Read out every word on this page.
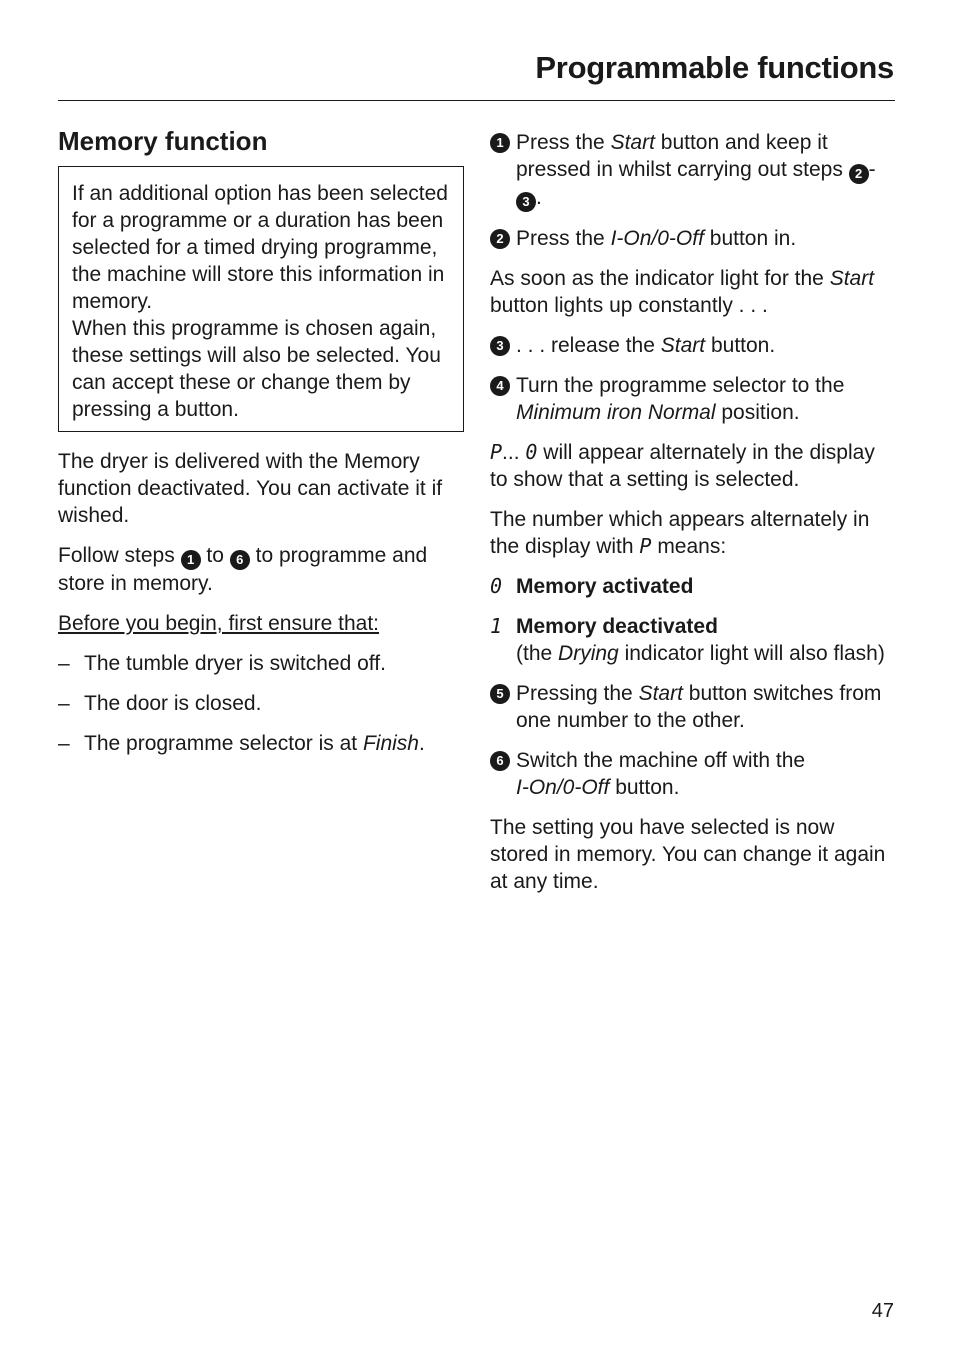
Programmable functions
Memory function

If an additional option has been selected for a programme or a duration has been selected for a timed drying programme, the machine will store this information in memory.

When this programme is chosen again, these settings will also be selected. You can accept these or change them by pressing a button.

The dryer is delivered with the Memory function deactivated. You can activate it if wished.

Follow steps 1 to 6 to programme and store in memory.

Before you begin, first ensure that:

– The tumble dryer is switched off.
– The door is closed.
– The programme selector is at Finish.
1 Press the Start button and keep it pressed in whilst carrying out steps 2 -3 .
2 Press the I-On/0-Off button in.

As soon as the indicator light for the Start button lights up constantly . . .

3 . . . release the Start button.
4 Turn the programme selector to the Minimum iron Normal position.

P... 0 will appear alternately in the display to show that a setting is selected.

The number which appears alternately in the display with P means:

0 Memory activated
1 Memory deactivated
(the Drying indicator light will also flash)
5 Pressing the Start button switches from one number to the other.
6 Switch the machine off with the
I-On/0-Off button.

The setting you have selected is now stored in memory. You can change it again at any time.

47
